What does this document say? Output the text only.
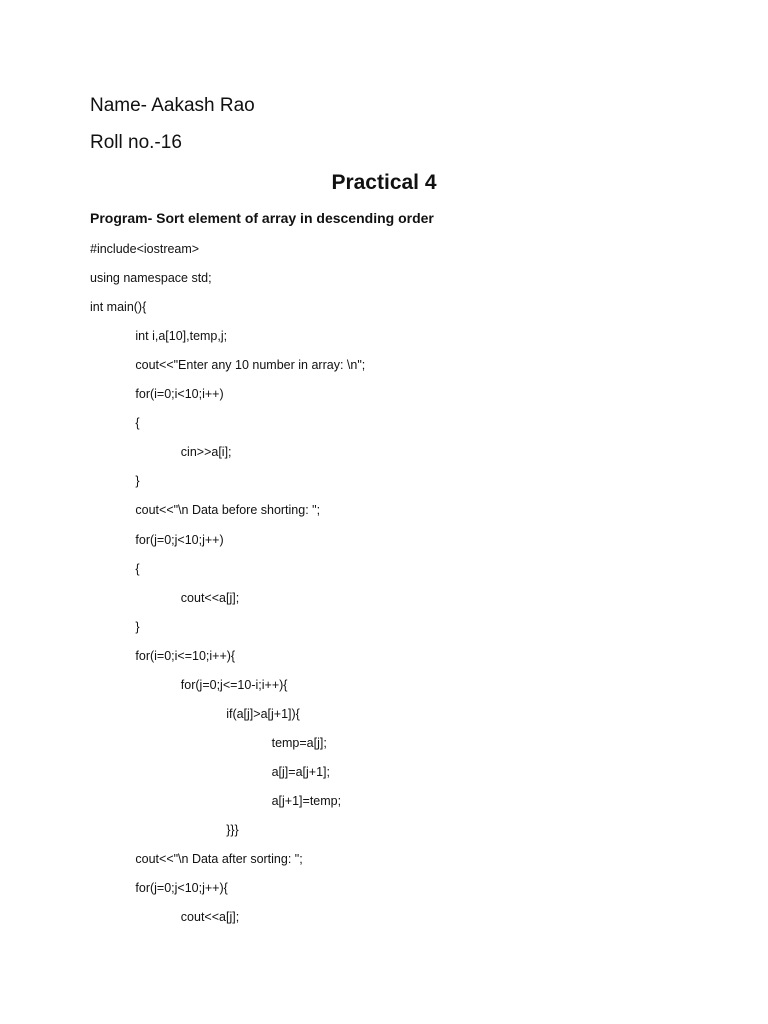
Name- Aakash Rao
Roll no.-16
Practical 4
Program- Sort element of array in descending order
#include<iostream>
using namespace std;
int main(){
int i,a[10],temp,j;
cout<<"Enter any 10 number in array: \n";
for(i=0;i<10;i++)
{
cin>>a[i];
}
cout<<"\n Data before shorting: ";
for(j=0;j<10;j++)
{
cout<<a[j];
}
for(i=0;i<=10;i++){
for(j=0;j<=10-i;i++){
if(a[j]>a[j+1]){
temp=a[j];
a[j]=a[j+1];
a[j+1]=temp;
}}}
cout<<"\n Data after sorting: ";
for(j=0;j<10;j++){
cout<<a[j];
